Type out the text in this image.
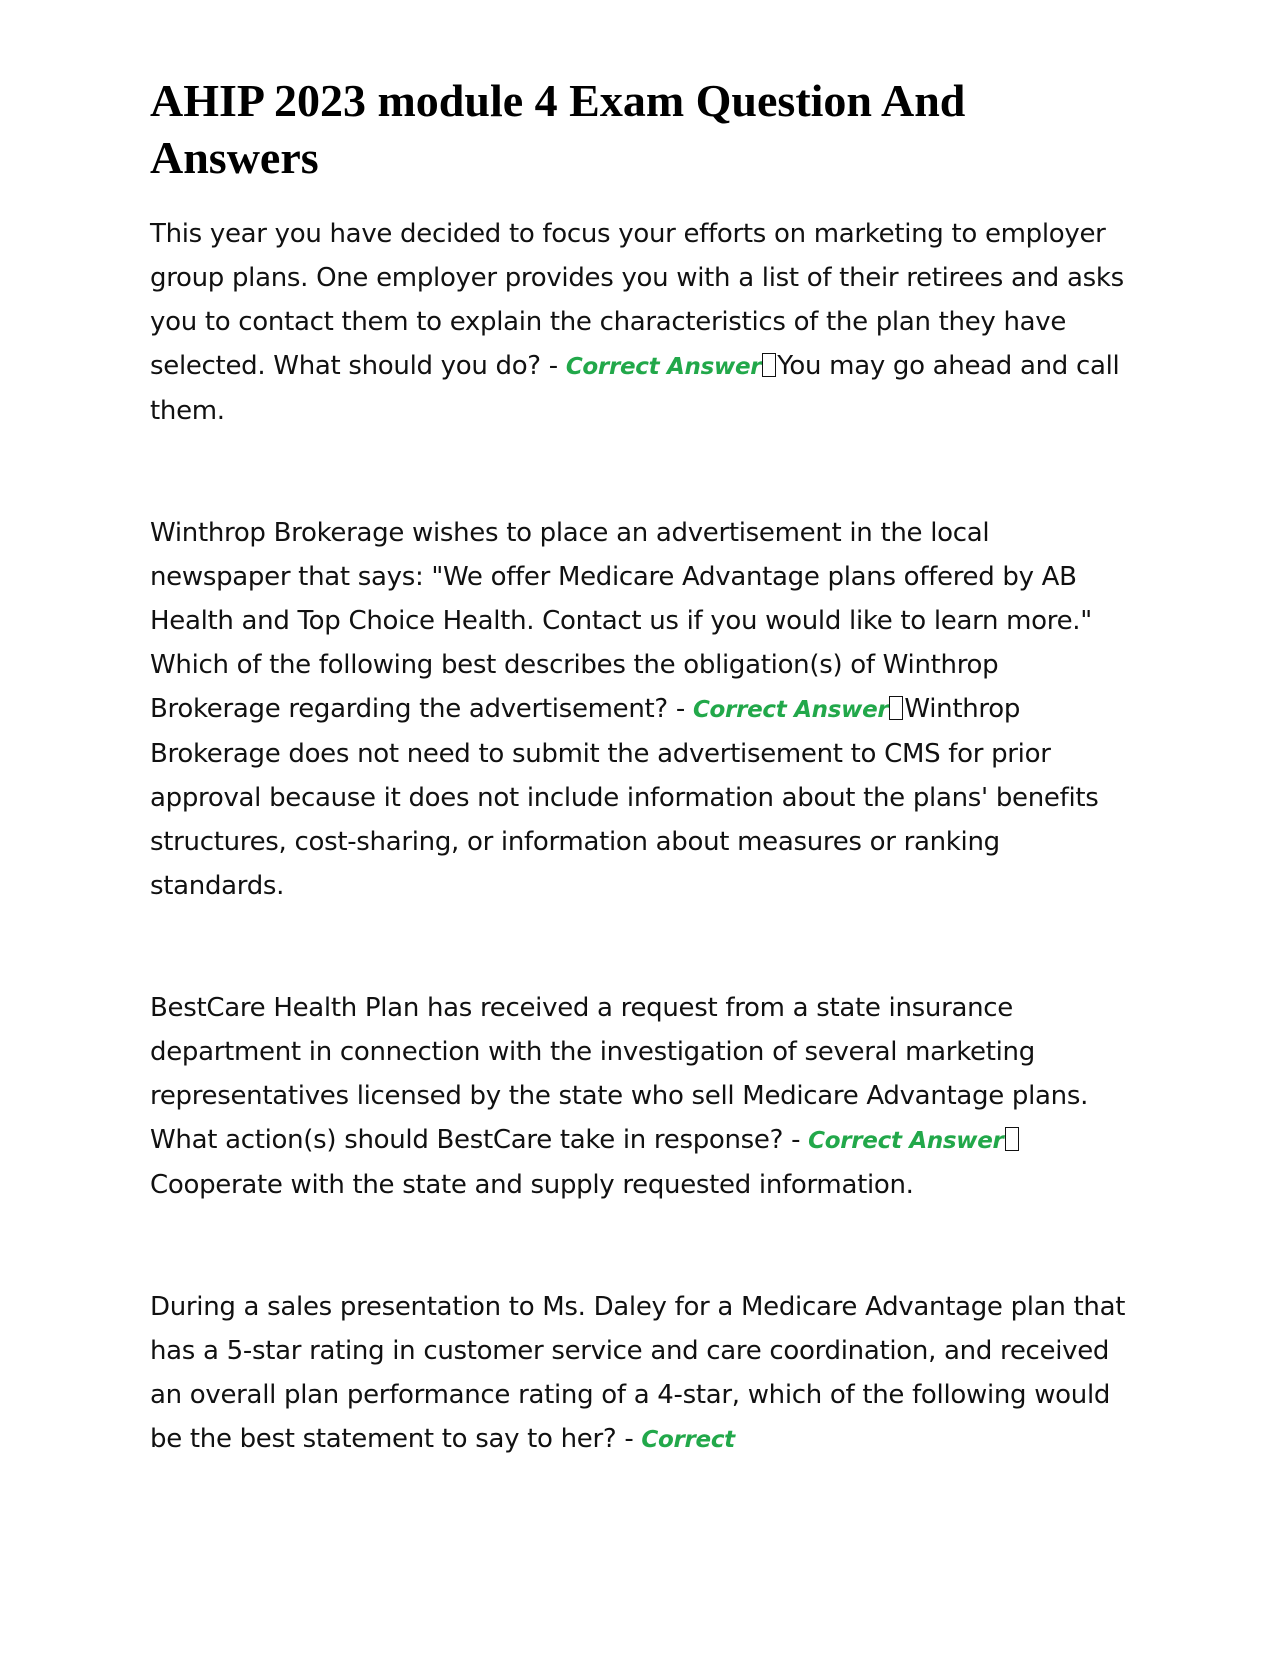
AHIP 2023 module 4 Exam Question And Answers

This year you have decided to focus your efforts on marketing to employer group plans. One employer provides you with a list of their retirees and asks you to contact them to explain the characteristics of the plan they have selected. What should you do? - Correct Answer You may go ahead and call them.

Winthrop Brokerage wishes to place an advertisement in the local newspaper that says: "We offer Medicare Advantage plans offered by AB Health and Top Choice Health. Contact us if you would like to learn more." Which of the following best describes the obligation(s) of Winthrop Brokerage regarding the advertisement? - Correct Answer Winthrop Brokerage does not need to submit the advertisement to CMS for prior approval because it does not include information about the plans' benefits structures, cost-sharing, or information about measures or ranking standards.

BestCare Health Plan has received a request from a state insurance department in connection with the investigation of several marketing representatives licensed by the state who sell Medicare Advantage plans. What action(s) should BestCare take in response? - Correct AnswerCooperate with the state and supply requested information.

During a sales presentation to Ms. Daley for a Medicare Advantage plan that has a 5-star rating in customer service and care coordination, and received an overall plan performance rating of a 4-star, which of the following would be the best statement to say to her? - Correct
